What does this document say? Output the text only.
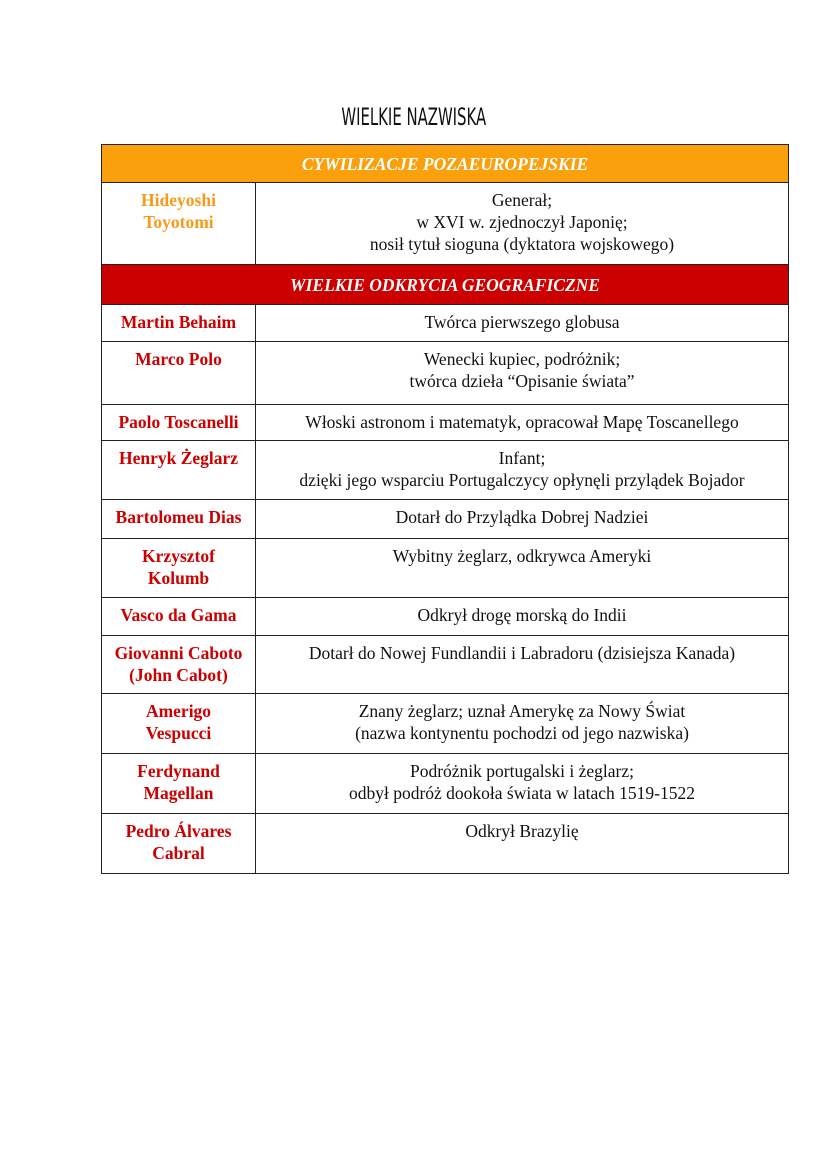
WIELKIE NAZWISKA
CYWILIZACJE POZAEUROPEJSKIE	

Hideyoshi
Toyotomi	Generał;
w XVI w. zjednoczył Japonię;
nosił tytuł sioguna (dyktatora wojskowego)

WIELKIE ODKRYCIA GEOGRAFICZNE	

Martin Behaim	Twórca pierwszego globusa

Marco Polo	Wenecki kupiec, podróżnik;
twórca dzieła “Opisanie świata”

Paolo Toscanelli	Włoski astronom i matematyk, opracował Mapę Toscanellego

Henryk Żeglarz	Infant;
dzięki jego wsparciu Portugalczycy opłynęli przylądek Bojador

Bartolomeu Dias	Dotarł do Przylądka Dobrej Nadziei

Krzysztof
Kolumb	Wybitny żeglarz, odkrywca Ameryki

Vasco da Gama	Odkrył drogę morską do Indii

Giovanni Caboto
(John Cabot)	Dotarł do Nowej Fundlandii i Labradoru (dzisiejsza Kanada)

Amerigo
Vespucci	Znany żeglarz; uznał Amerykę za Nowy Świat
(nazwa kontynentu pochodzi od jego nazwiska)

Ferdynand
Magellan	Podróżnik portugalski i żeglarz;
odbył podróż dookoła świata w latach 1519-1522

Pedro Álvares
Cabral	Odkrył Brazylię
